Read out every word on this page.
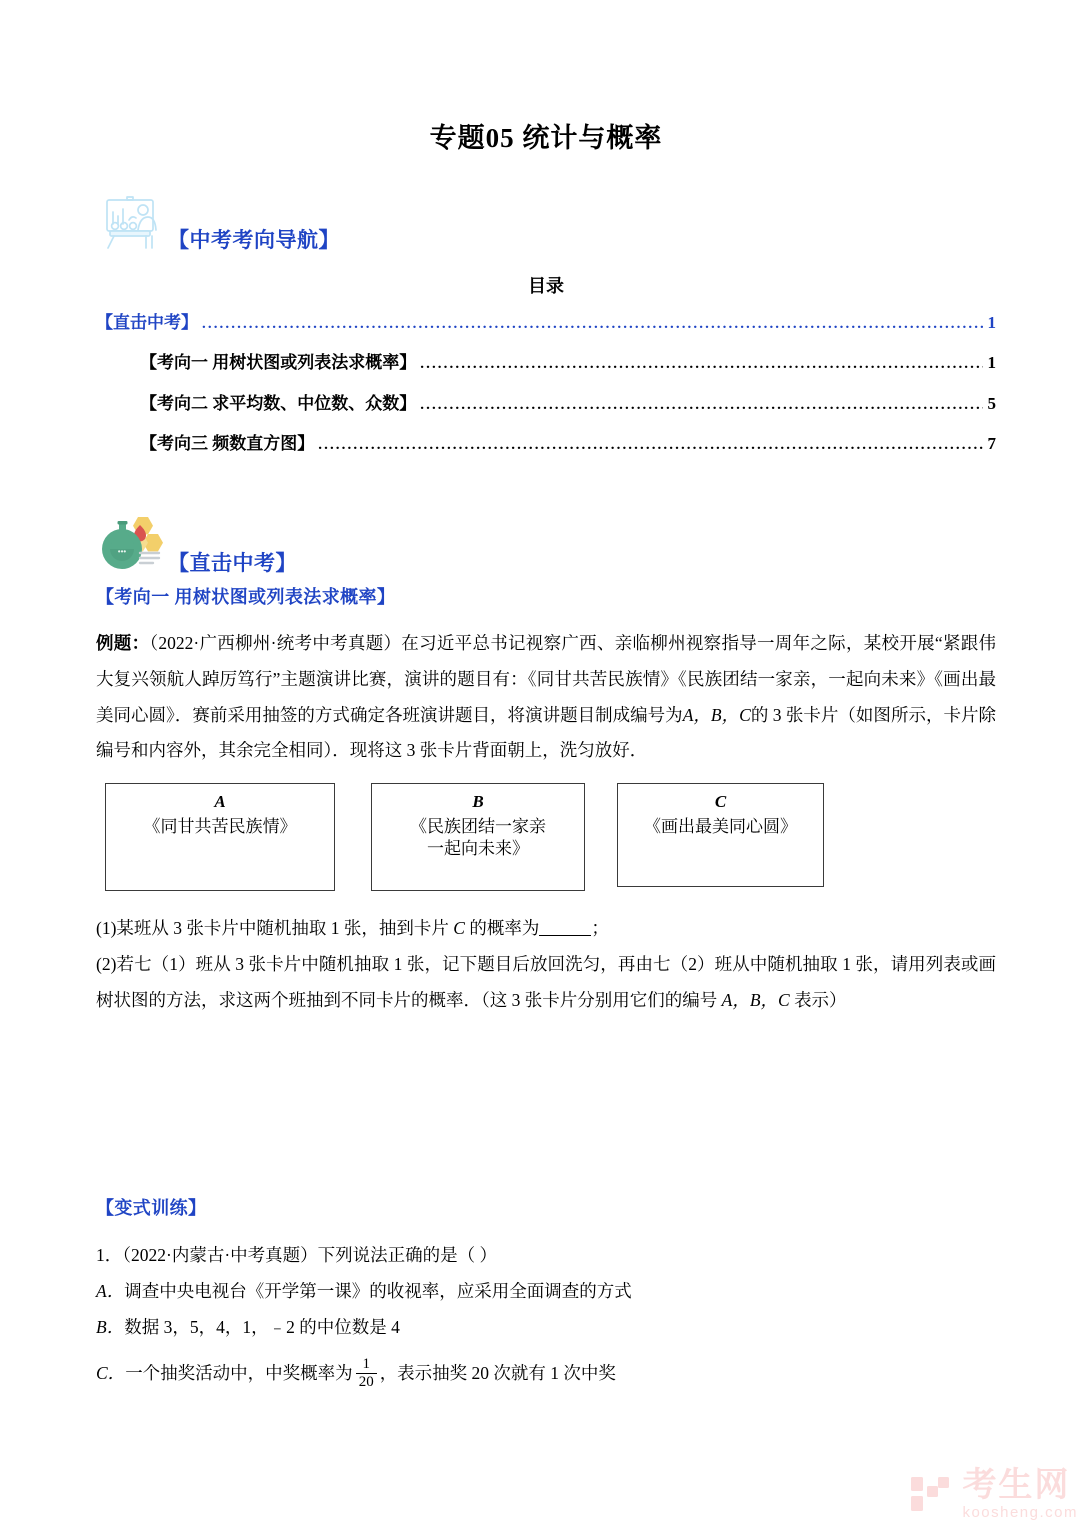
专题05 统计与概率
【中考考向导航】
目录
【直击中考】 .....	1
【考向一 用树状图或列表法求概率】 .....	1
【考向二 求平均数、中位数、众数】 .....	5
【考向三 频数直方图】 .....	7
••• 【直击中考】
【考向一 用树状图或列表法求概率】

例题：（2022·广西柳州·统考中考真题）在习近平总书记视察广西、亲临柳州视察指导一周年之际，某校开展“紧跟伟大复兴领航人踔厉笃行”主题演讲比赛，演讲的题目有：《同甘共苦民族情》《民族团结一家亲，一起向未来》《画出最美同心圆》．赛前采用抽签的方式确定各班演讲题目，将演讲题目制成编号为A，B，C的 3 张卡片（如图所示，卡片除编号和内容外，其余完全相同）．现将这 3 张卡片背面朝上，洗匀放好．

A
《同甘共苦民族情》
B
《民族团结一家亲
一起向未来》
C
《画出最美同心圆》

(1)某班从 3 张卡片中随机抽取 1 张，抽到卡片 C 的概率为	；

(2)若七（1）班从 3 张卡片中随机抽取 1 张，记下题目后放回洗匀，再由七（2）班从中随机抽取 1 张，请用列表或画树状图的方法，求这两个班抽到不同卡片的概率．（这 3 张卡片分别用它们的编号 A，B，C 表示）

【变式训练】

1．（2022·内蒙古·中考真题）下列说法正确的是（ ）

A．调查中央电视台《开学第一课》的收视率，应采用全面调查的方式

B．数据 3，5，4，1，﹣2 的中位数是 4

C．一个抽奖活动中，中奖概率为 $\frac{1}{20}$ ，表示抽奖 20 次就有 1 次中奖

考生网
koosheng.com
